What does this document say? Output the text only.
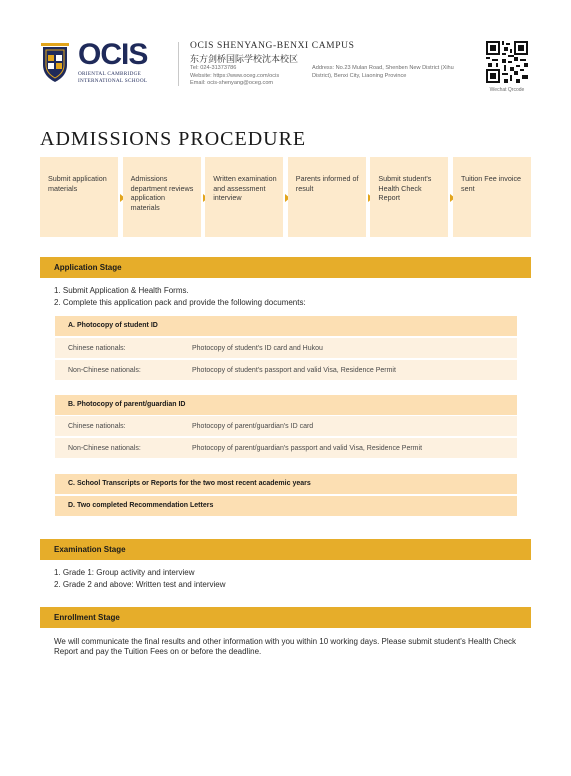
OCIS
ORIENTAL CAMBRIDGE INTERNATIONAL SCHOOL
OCIS SHENYANG-BENXI CAMPUS
东方剑桥国际学校沈本校区
Tel: 024-31373786
Website: https://www.oceg.com/ocis
Email: ocis-shenyang@oceg.com
Address: No.23 Mulan Road, Shenben New District (Xihu District), Benxi City, Liaoning Province
Wechat Qrcode
ADMISSIONS PROCEDURE
Submit application materials
Admissions department reviews application materials
Written examination and assessment interview
Parents informed of result
Submit student's Health Check Report
Tuition Fee invoice sent
Application Stage
1. Submit Application & Health Forms.
2. Complete this application pack and provide the following documents:
A. Photocopy of student ID
Chinese nationals:	Photocopy of student's ID card and Hukou
Non-Chinese nationals:	Photocopy of student's passport and valid Visa, Residence Permit
B. Photocopy of parent/guardian ID
Chinese nationals:	Photocopy of parent/guardian's ID card
Non-Chinese nationals:	Photocopy of parent/guardian's passport and valid Visa, Residence Permit
C. School Transcripts or Reports for the two most recent academic years
D. Two completed Recommendation Letters
Examination Stage
1. Grade 1: Group activity and interview
2. Grade 2 and above: Written test and interview
Enrollment Stage
We will communicate the final results and other information with you within 10 working days. Please submit student's Health Check Report and pay the Tuition Fees on or before the deadline.
